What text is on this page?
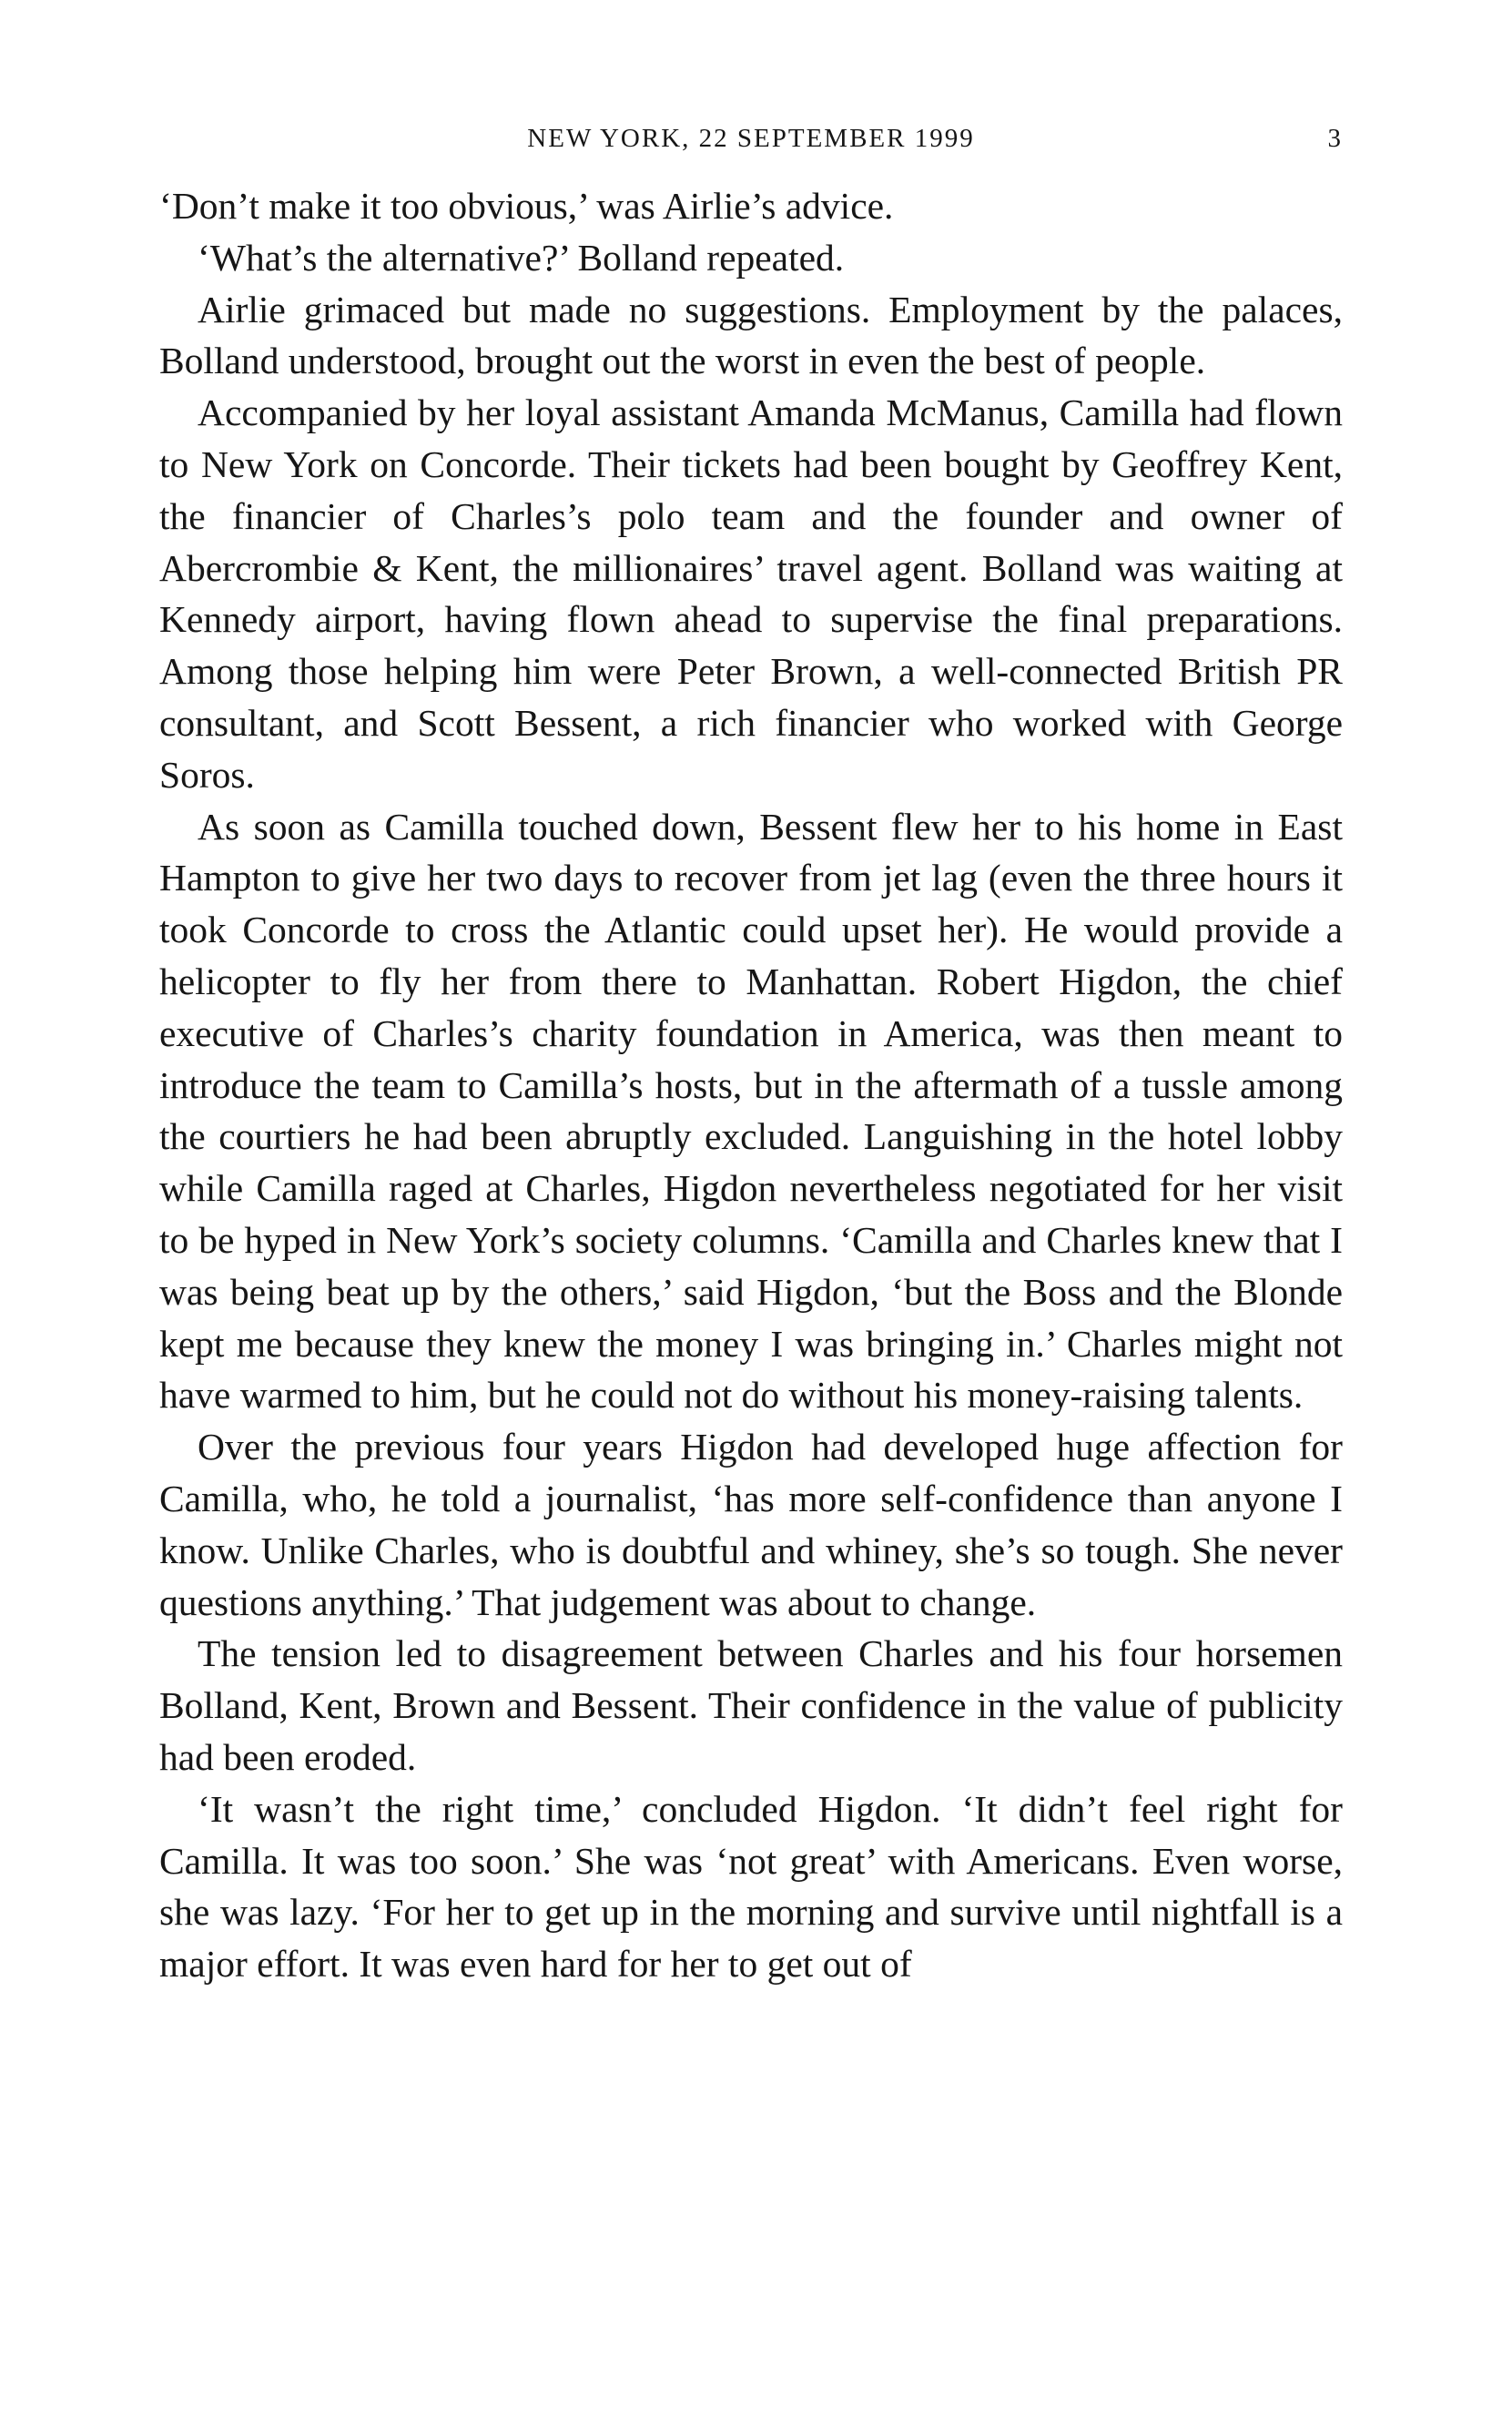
NEW YORK, 22 SEPTEMBER 1999	3

‘Don’t make it too obvious,’ was Airlie’s advice.

‘What’s the alternative?’ Bolland repeated.

Airlie grimaced but made no suggestions. Employment by the palaces, Bolland understood, brought out the worst in even the best of people.

Accompanied by her loyal assistant Amanda McManus, Camilla had flown to New York on Concorde. Their tickets had been bought by Geoffrey Kent, the financier of Charles’s polo team and the founder and owner of Abercrombie & Kent, the millionaires’ travel agent. Bolland was waiting at Kennedy airport, having flown ahead to supervise the final preparations. Among those helping him were Peter Brown, a well-connected British PR consultant, and Scott Bessent, a rich financier who worked with George Soros.

As soon as Camilla touched down, Bessent flew her to his home in East Hampton to give her two days to recover from jet lag (even the three hours it took Concorde to cross the Atlantic could upset her). He would provide a helicopter to fly her from there to Manhattan. Robert Higdon, the chief executive of Charles’s charity foundation in America, was then meant to introduce the team to Camilla’s hosts, but in the aftermath of a tussle among the courtiers he had been abruptly excluded. Languishing in the hotel lobby while Camilla raged at Charles, Higdon nevertheless negotiated for her visit to be hyped in New York’s society columns. ‘Camilla and Charles knew that I was being beat up by the others,’ said Higdon, ‘but the Boss and the Blonde kept me because they knew the money I was bringing in.’ Charles might not have warmed to him, but he could not do without his money-raising talents.

Over the previous four years Higdon had developed huge affection for Camilla, who, he told a journalist, ‘has more self-confidence than anyone I know. Unlike Charles, who is doubtful and whiney, she’s so tough. She never questions anything.’ That judgement was about to change.

The tension led to disagreement between Charles and his four horsemen Bolland, Kent, Brown and Bessent. Their confidence in the value of publicity had been eroded.

‘It wasn’t the right time,’ concluded Higdon. ‘It didn’t feel right for Camilla. It was too soon.’ She was ‘not great’ with Americans. Even worse, she was lazy. ‘For her to get up in the morning and survive until nightfall is a major effort. It was even hard for her to get out of
